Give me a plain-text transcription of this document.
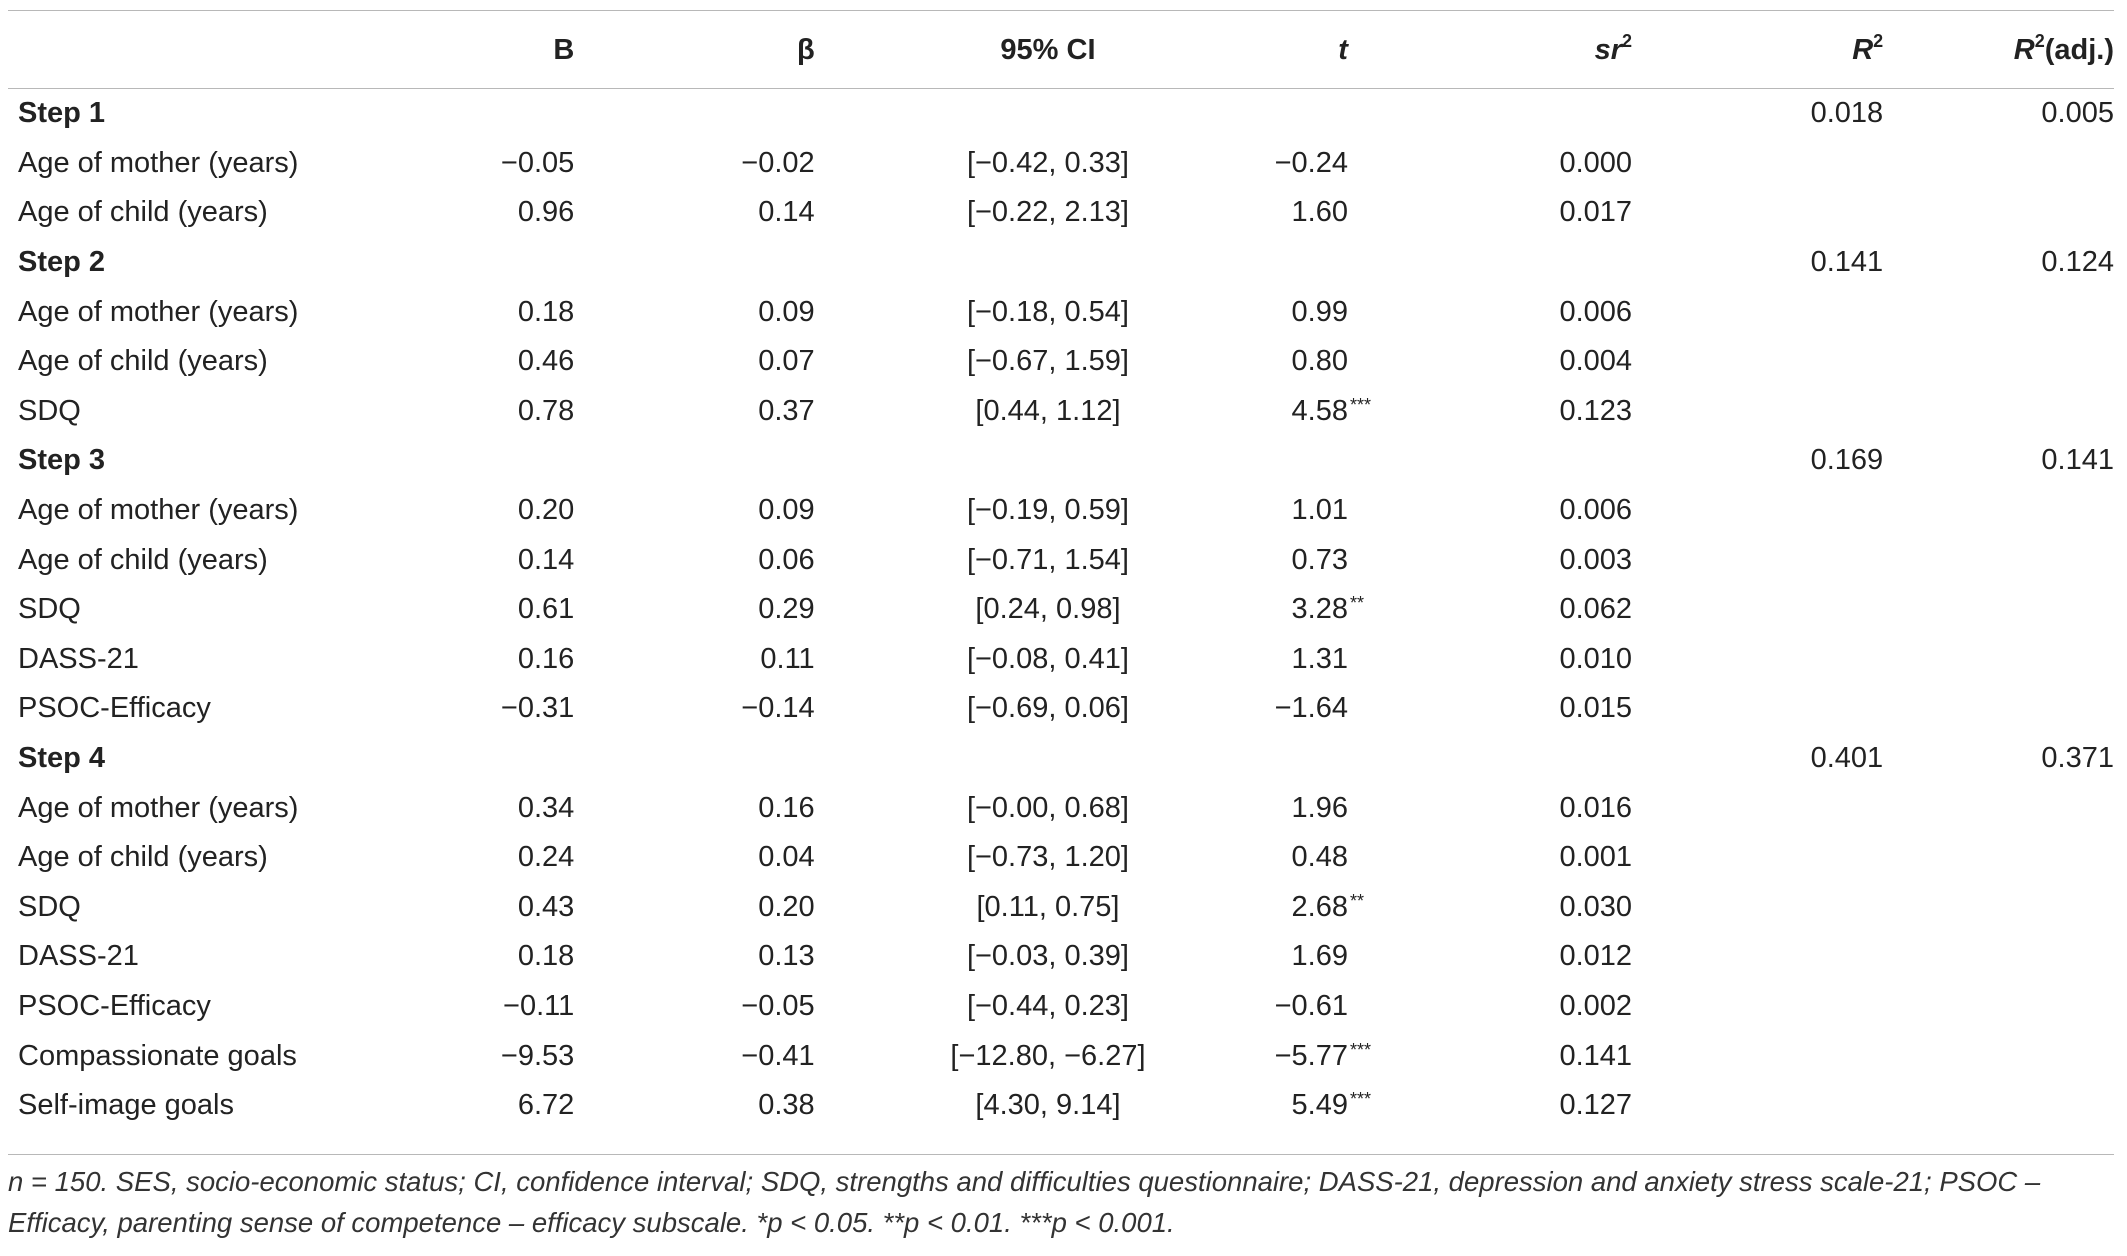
	B	β	95% CI	t	$sr^2$	$R^2$	$R^2(adj.)$
Step 1						0.018	0.005
Age of mother (years)	−0.05	−0.02	[−0.42, 0.33]	−0.24	0.000		
Age of child (years)	0.96	0.14	[−0.22, 2.13]	1.60	0.017		
Step 2						0.141	0.124
Age of mother (years)	0.18	0.09	[−0.18, 0.54]	0.99	0.006		
Age of child (years)	0.46	0.07	[−0.67, 1.59]	0.80	0.004		
SDQ	0.78	0.37	[0.44, 1.12]	4.58 ***	0.123		
Step 3						0.169	0.141
Age of mother (years)	0.20	0.09	[−0.19, 0.59]	1.01	0.006		
Age of child (years)	0.14	0.06	[−0.71, 1.54]	0.73	0.003		
SDQ	0.61	0.29	[0.24, 0.98]	3.28 **	0.062		
DASS-21	0.16	0.11	[−0.08, 0.41]	1.31	0.010		
PSOC-Efficacy	−0.31	−0.14	[−0.69, 0.06]	−1.64	0.015		
Step 4						0.401	0.371
Age of mother (years)	0.34	0.16	[−0.00, 0.68]	1.96	0.016		
Age of child (years)	0.24	0.04	[−0.73, 1.20]	0.48	0.001		
SDQ	0.43	0.20	[0.11, 0.75]	2.68 **	0.030		
DASS-21	0.18	0.13	[−0.03, 0.39]	1.69	0.012		
PSOC-Efficacy	−0.11	−0.05	[−0.44, 0.23]	−0.61	0.002		
Compassionate goals	−9.53	−0.41	[−12.80, −6.27]	−5.77 ***	0.141		
Self-image goals	6.72	0.38	[4.30, 9.14]	5.49 ***	0.127		
n = 150. SES, socio-economic status; CI, confidence interval; SDQ, strengths and difficulties questionnaire; DASS-21, depression and anxiety stress scale-21; PSOC –
Efficacy, parenting sense of competence – efficacy subscale. *p < 0.05. **p < 0.01. ***p < 0.001.
